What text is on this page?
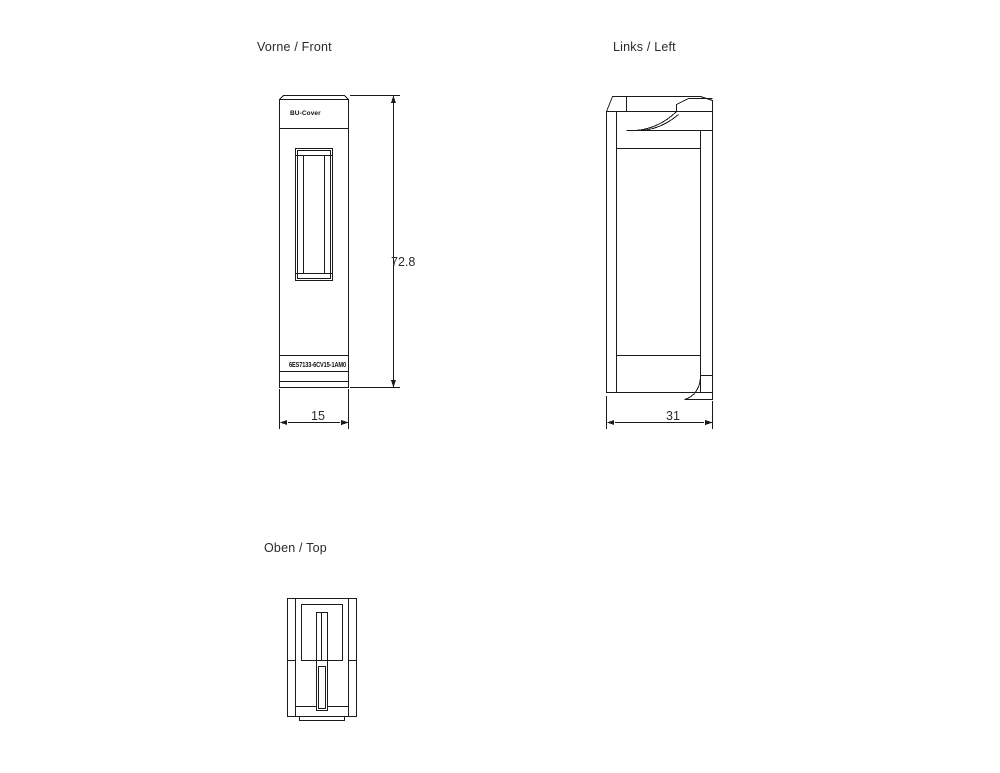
Vorne / Front	Links / Left
Oben / Top
72.8
15	31
BU-Cover
6ES7133-6CV15-1AM0
